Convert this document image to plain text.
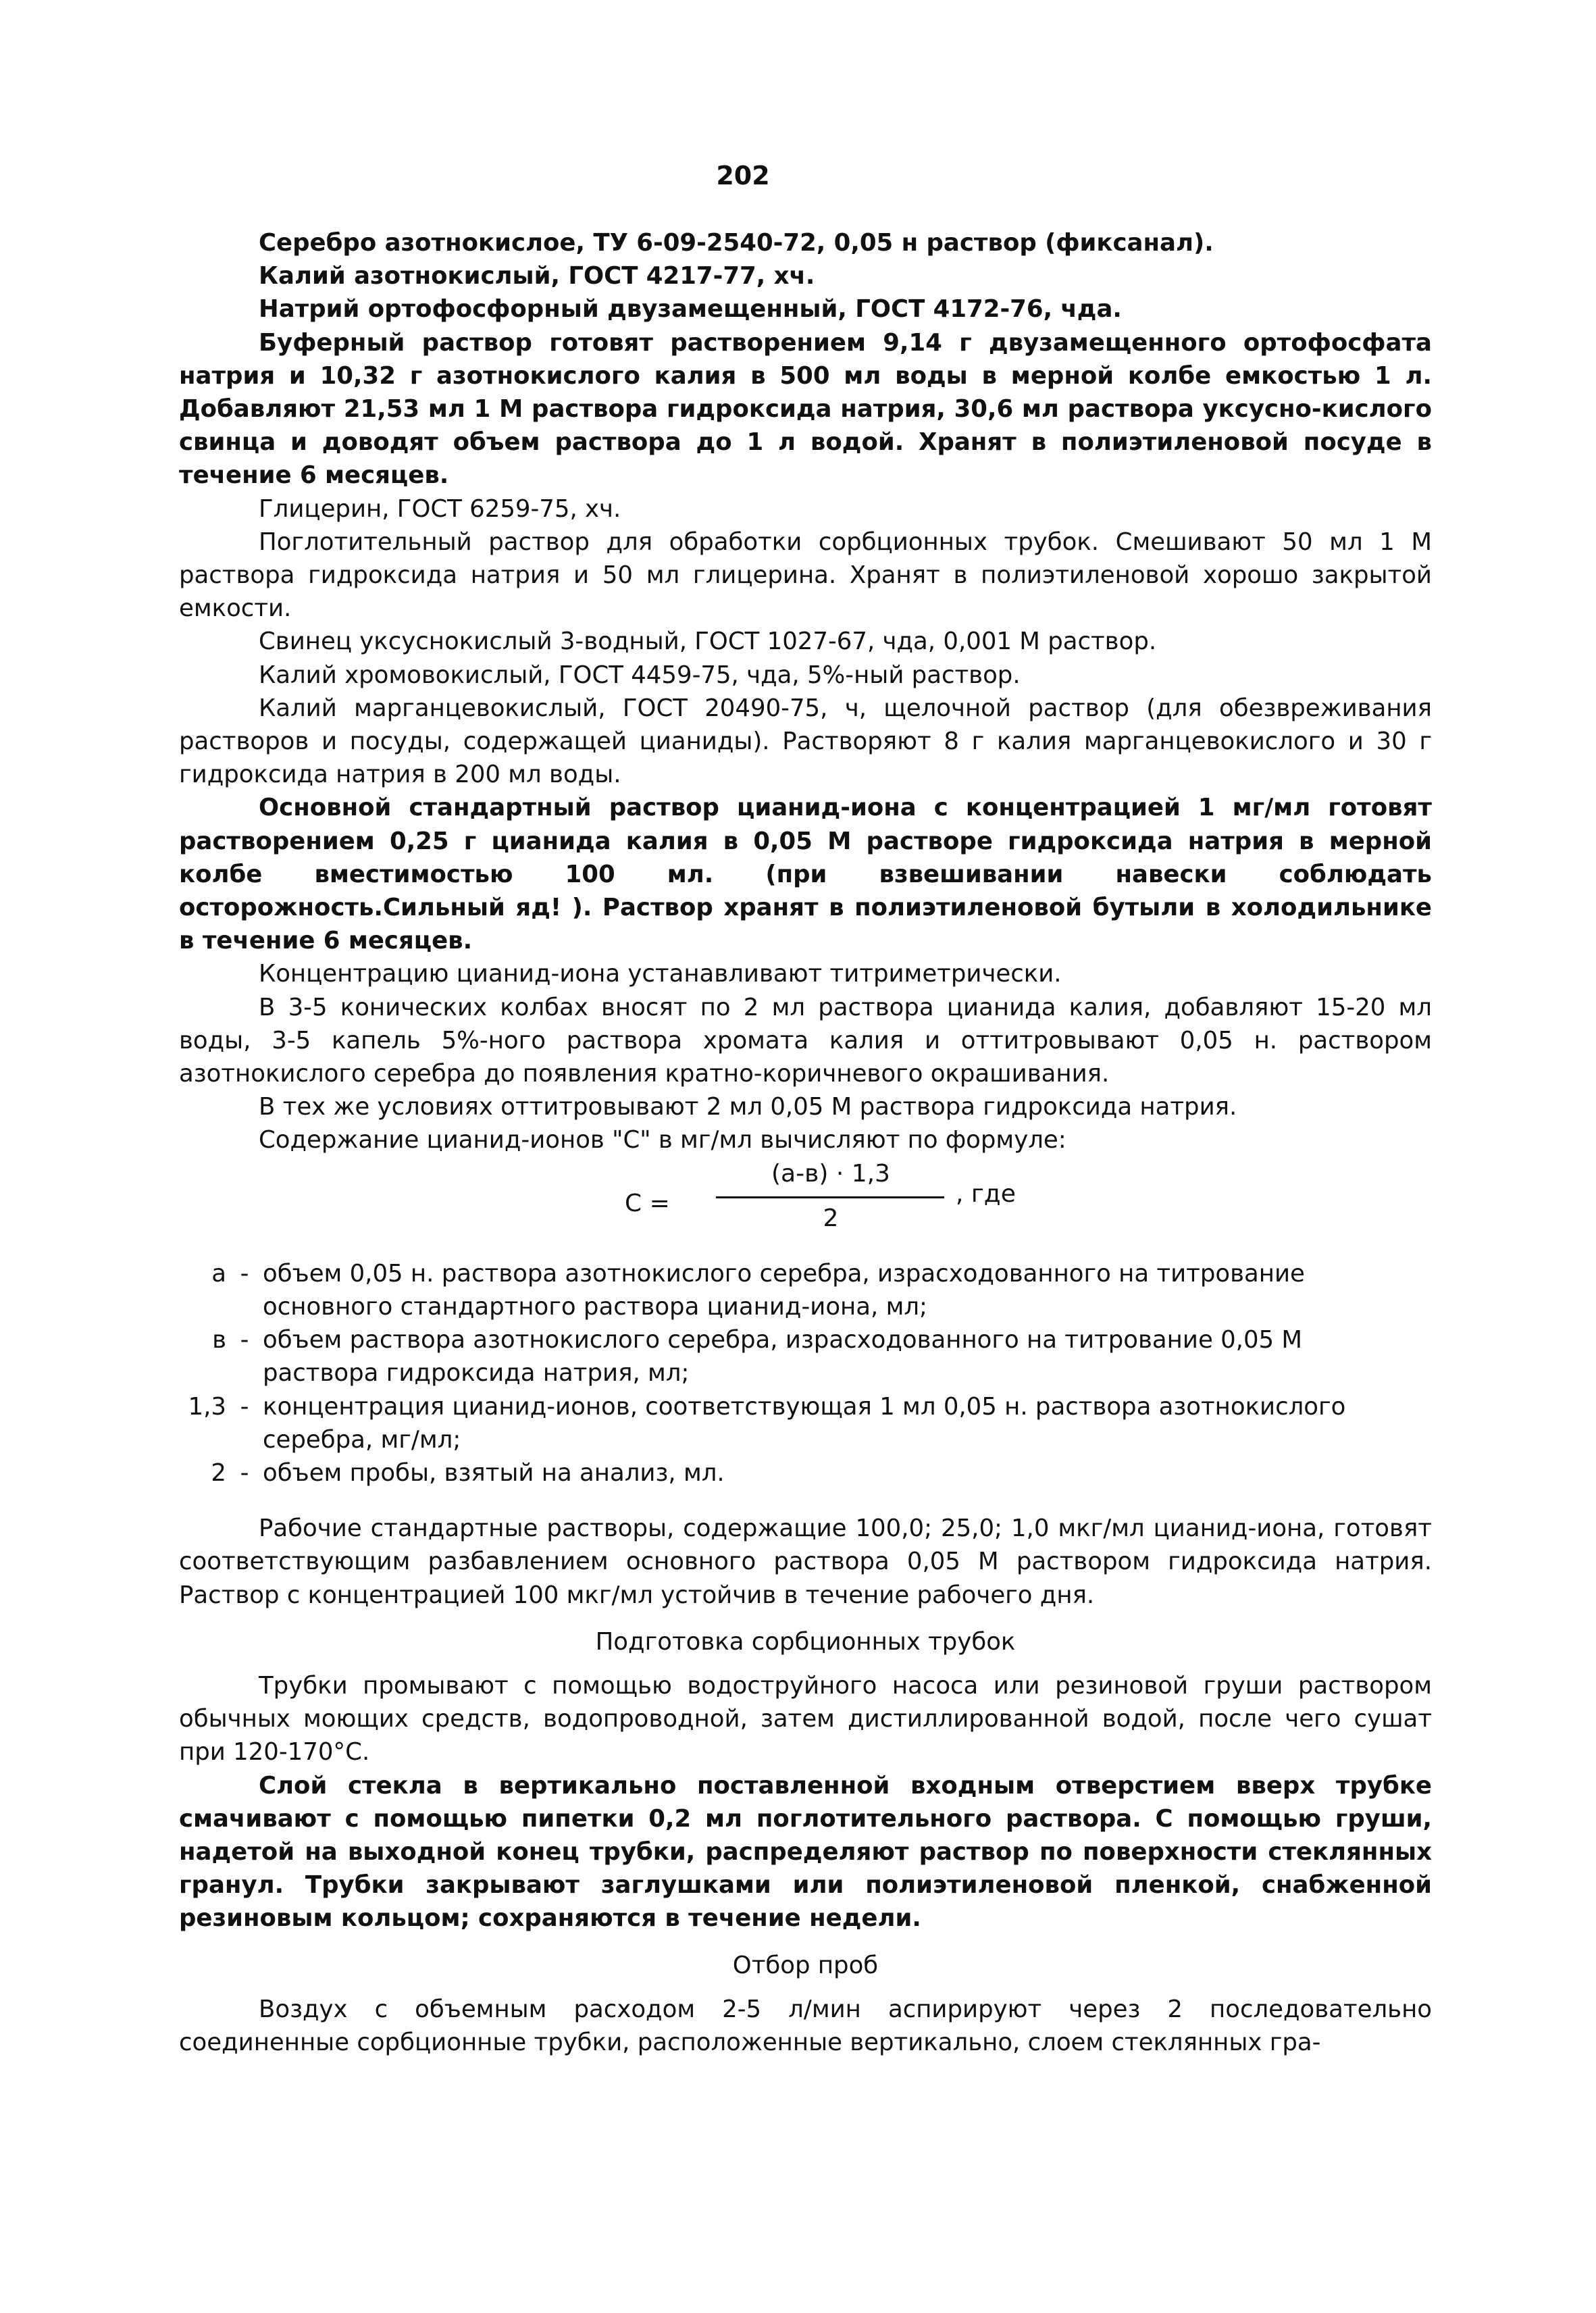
202

Серебро азотнокислое, ТУ 6-09-2540-72, 0,05 н раствор (фиксанал).

Калий азотнокислый, ГОСТ 4217-77, хч.

Натрий ортофосфорный двузамещенный, ГОСТ 4172-76, чда.

Буферный раствор готовят растворением 9,14 г двузамещенного ортофосфата натрия и 10,32 г азотнокислого калия в 500 мл воды в мерной колбе емкостью 1 л. Добавляют 21,53 мл 1 М раствора гидроксида натрия, 30,6 мл раствора уксусно-кислого свинца и доводят объем раствора до 1 л водой. Хранят в полиэтиленовой посуде в течение 6 месяцев.

Глицерин, ГОСТ 6259-75, хч.

Поглотительный раствор для обработки сорбционных трубок. Смешивают 50 мл 1 М раствора гидроксида натрия и 50 мл глицерина. Хранят в полиэтиленовой хорошо закрытой емкости.

Свинец уксуснокислый 3-водный, ГОСТ 1027-67, чда, 0,001 М раствор.

Калий хромовокислый, ГОСТ 4459-75, чда, 5%-ный раствор.

Калий марганцевокислый, ГОСТ 20490-75, ч, щелочной раствор (для обезвреживания растворов и посуды, содержащей цианиды). Растворяют 8 г калия марганцевокислого и 30 г гидроксида натрия в 200 мл воды.

Основной стандартный раствор цианид-иона с концентрацией 1 мг/мл готовят растворением 0,25 г цианида калия в 0,05 М растворе гидроксида натрия в мерной колбе вместимостью 100 мл. (при взвешивании навески соблюдать осторожность.Сильный яд! ). Раствор хранят в полиэтиленовой бутыли в холодильнике в течение 6 месяцев.

Концентрацию цианид-иона устанавливают титриметрически.

В 3-5 конических колбах вносят по 2 мл раствора цианида калия, добавляют 15-20 мл воды, 3-5 капель 5%-ного раствора хромата калия и оттитровывают 0,05 н. раствором азотнокислого серебра до появления кратно-коричневого окрашивания.

В тех же условиях оттитровывают 2 мл 0,05 М раствора гидроксида натрия.

Содержание цианид-ионов "С" в мг/мл вычисляют по формуле:

С =
(а-в) · 1,3
2
, где
а - объем 0,05 н. раствора азотнокислого серебра, израсходованного на титрование основного стандартного раствора цианид-иона, мл;
в - объем раствора азотнокислого серебра, израсходованного на титрование 0,05 М раствора гидроксида натрия, мл;
1,3 - концентрация цианид-ионов, соответствующая 1 мл 0,05 н. раствора азотнокислого серебра, мг/мл;
2 - объем пробы, взятый на анализ, мл.

Рабочие стандартные растворы, содержащие 100,0; 25,0; 1,0 мкг/мл цианид-иона, готовят соответствующим разбавлением основного раствора 0,05 М раствором гидроксида натрия. Раствор с концентрацией 100 мкг/мл устойчив в течение рабочего дня.

Подготовка сорбционных трубок

Трубки промывают с помощью водоструйного насоса или резиновой груши раствором обычных моющих средств, водопроводной, затем дистиллированной водой, после чего сушат при 120-170°С.

Слой стекла в вертикально поставленной входным отверстием вверх трубке смачивают с помощью пипетки 0,2 мл поглотительного раствора. С помощью груши, надетой на выходной конец трубки, распределяют раствор по поверхности стеклянных гранул. Трубки закрывают заглушками или полиэтиленовой пленкой, снабженной резиновым кольцом; сохраняются в течение недели.

Отбор проб

Воздух с объемным расходом 2-5 л/мин аспирируют через 2 последовательно соединенные сорбционные трубки, расположенные вертикально, слоем стеклянных гра-
